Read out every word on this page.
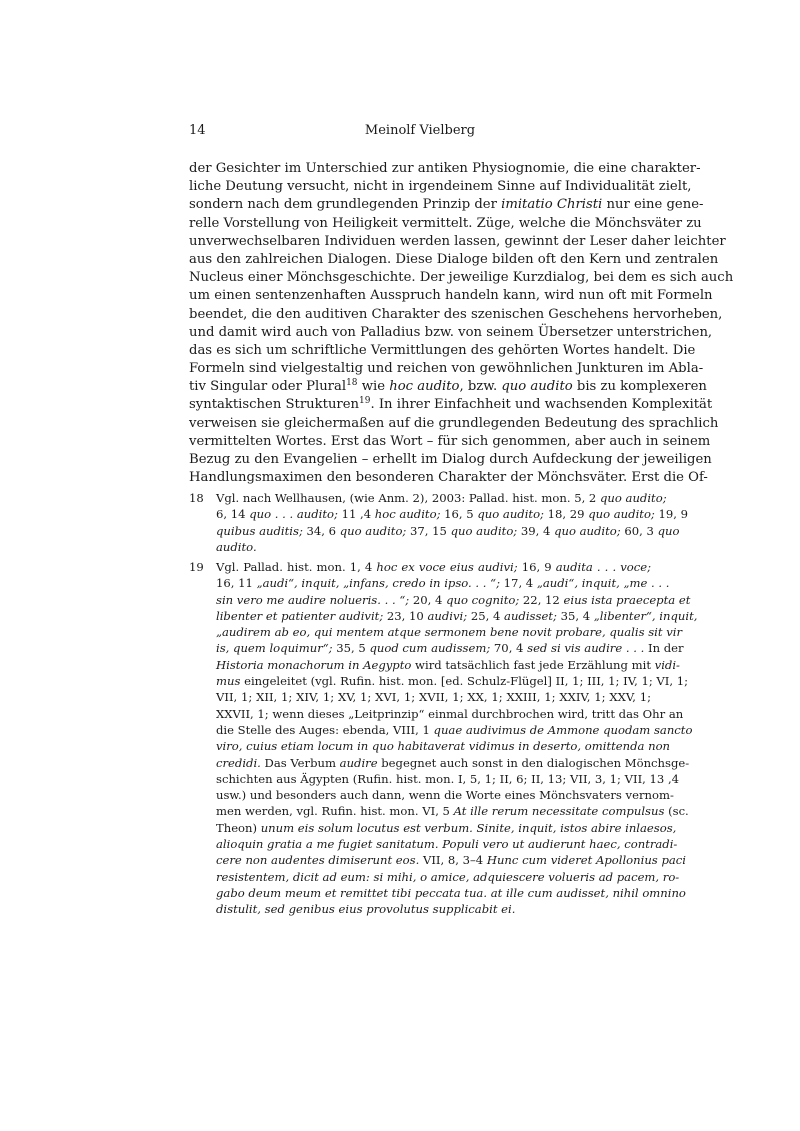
14	Meinolf Vielberg
der Gesichter im Unterschied zur antiken Physiognomie, die eine charakter-
liche Deutung versucht, nicht in irgendeinem Sinne auf Individualität zielt,
sondern nach dem grundlegenden Prinzip der imitatio Christi nur eine gene-
relle Vorstellung von Heiligkeit vermittelt. Züge, welche die Mönchsväter zu
unverwechselbaren Individuen werden lassen, gewinnt der Leser daher leichter
aus den zahlreichen Dialogen. Diese Dialoge bilden oft den Kern und zentralen
Nucleus einer Mönchsgeschichte. Der jeweilige Kurzdialog, bei dem es sich auch
um einen sentenzenhaften Ausspruch handeln kann, wird nun oft mit Formeln
beendet, die den auditiven Charakter des szenischen Geschehens hervorheben,
und damit wird auch von Palladius bzw. von seinem Übersetzer unterstrichen,
das es sich um schriftliche Vermittlungen des gehörten Wortes handelt. Die
Formeln sind vielgestaltig und reichen von gewöhnlichen Junkturen im Abla-
tiv Singular oder Plural$^{18}$ wie hoc audito, bzw. quo audito bis zu komplexeren
syntaktischen Strukturen$^{19}$. In ihrer Einfachheit und wachsenden Komplexität
verweisen sie gleichermaßen auf die grundlegenden Bedeutung des sprachlich
vermittelten Wortes. Erst das Wort – für sich genommen, aber auch in seinem
Bezug zu den Evangelien – erhellt im Dialog durch Aufdeckung der jeweiligen
Handlungsmaximen den besonderen Charakter der Mönchsväter. Erst die Of-
18	Vgl. nach Wellhausen, (wie Anm. 2), 2003: Pallad. hist. mon. 5, 2 quo audito;
6, 14 quo . . . audito; 11 ,4 hoc audito; 16, 5 quo audito; 18, 29 quo audito; 19, 9
quibus auditis; 34, 6 quo audito; 37, 15 quo audito; 39, 4 quo audito; 60, 3 quo
audito.
19	Vgl. Pallad. hist. mon. 1, 4 hoc ex voce eius audivi; 16, 9 audita . . . voce;
16, 11 „audi“, inquit, „infans, credo in ipso. . . “; 17, 4 „audi“, inquit, „me . . .
sin vero me audire nolueris. . . “; 20, 4 quo cognito; 22, 12 eius ista praecepta et
libenter et patienter audivit; 23, 10 audivi; 25, 4 audisset; 35, 4 „libenter“, inquit,
„audirem ab eo, qui mentem atque sermonem bene novit probare, qualis sit vir
is, quem loquimur“; 35, 5 quod cum audissem; 70, 4 sed si vis audire . . . In der
Historia monachorum in Aegypto wird tatsächlich fast jede Erzählung mit vidi-
mus eingeleitet (vgl. Rufin. hist. mon. [ed. Schulz-Flügel] II, 1; III, 1; IV, 1; VI, 1;
VII, 1; XII, 1; XIV, 1; XV, 1; XVI, 1; XVII, 1; XX, 1; XXIII, 1; XXIV, 1; XXV, 1;
XXVII, 1; wenn dieses „Leitprinzip“ einmal durchbrochen wird, tritt das Ohr an
die Stelle des Auges: ebenda, VIII, 1 quae audivimus de Ammone quodam sancto
viro, cuius etiam locum in quo habitaverat vidimus in deserto, omittenda non
credidi. Das Verbum audire begegnet auch sonst in den dialogischen Mönchsge-
schichten aus Ägypten (Rufin. hist. mon. I, 5, 1; II, 6; II, 13; VII, 3, 1; VII, 13 ,4
usw.) und besonders auch dann, wenn die Worte eines Mönchsvaters vernom-
men werden, vgl. Rufin. hist. mon. VI, 5 At ille rerum necessitate compulsus (sc.
Theon) unum eis solum locutus est verbum. Sinite, inquit, istos abire inlaesos,
alioquin gratia a me fugiet sanitatum. Populi vero ut audierunt haec, contradi-
cere non audentes dimiserunt eos. VII, 8, 3–4 Hunc cum videret Apollonius paci
resistentem, dicit ad eum: si mihi, o amice, adquiescere volueris ad pacem, ro-
gabo deum meum et remittet tibi peccata tua. at ille cum audisset, nihil omnino
distulit, sed genibus eius provolutus supplicabit ei.
